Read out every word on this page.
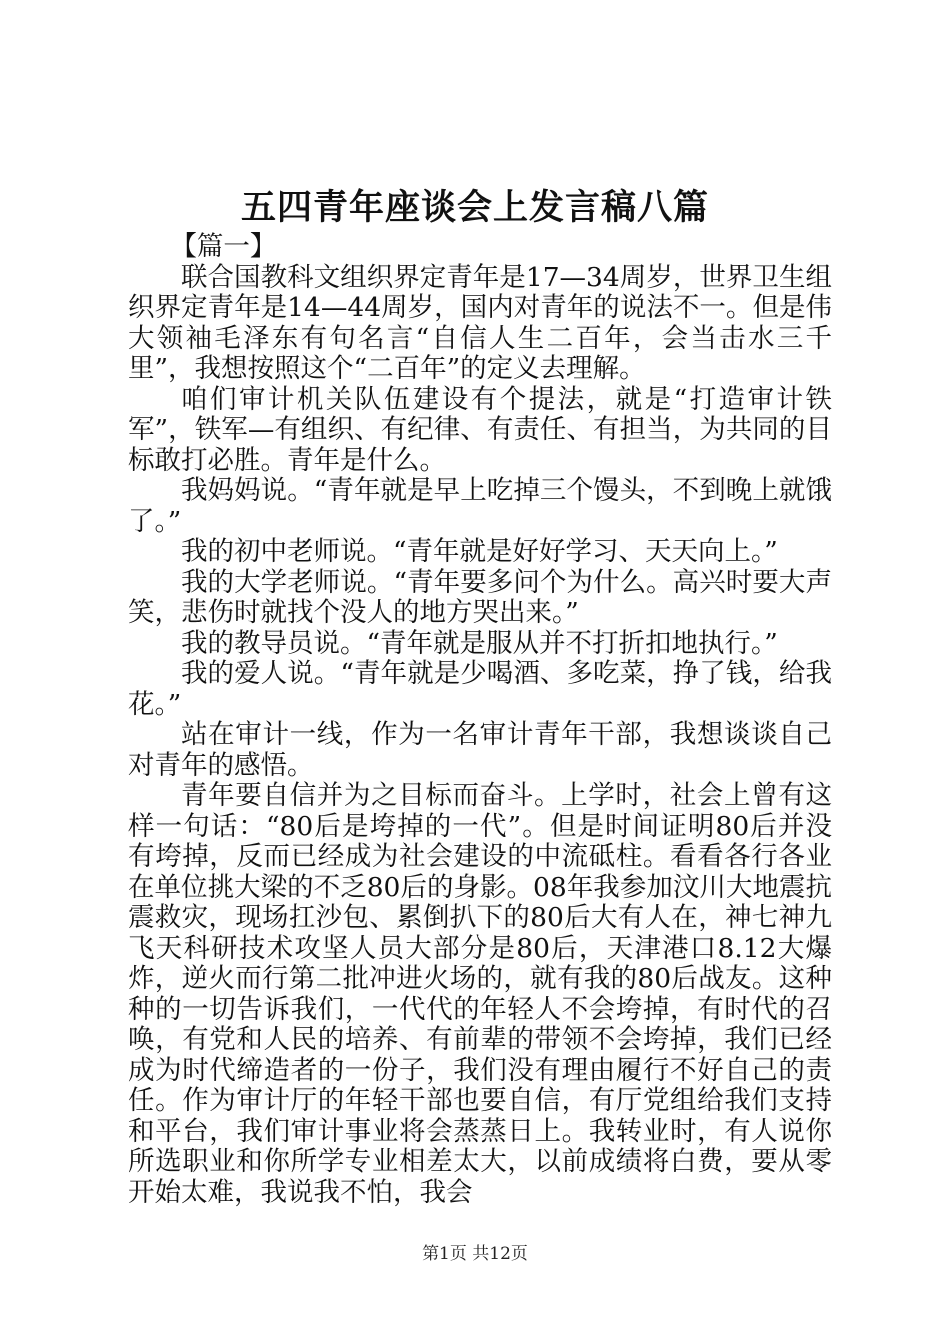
五四青年座谈会上发言稿八篇

【篇一】

联合国教科文组织界定青年是17—34周岁，世界卫生组织界定青年是14—44周岁，国内对青年的说法不一。但是伟大领袖毛泽东有句名言“自信人生二百年，会当击水三千里”，我想按照这个“二百年”的定义去理解。

咱们审计机关队伍建设有个提法，就是“打造审计铁军”，铁军—有组织、有纪律、有责任、有担当，为共同的目标敢打必胜。青年是什么。

我妈妈说。“青年就是早上吃掉三个馒头，不到晚上就饿了。”

我的初中老师说。“青年就是好好学习、天天向上。”

我的大学老师说。“青年要多问个为什么。高兴时要大声笑，悲伤时就找个没人的地方哭出来。”

我的教导员说。“青年就是服从并不打折扣地执行。”

我的爱人说。“青年就是少喝酒、多吃菜，挣了钱，给我花。”

站在审计一线，作为一名审计青年干部，我想谈谈自己对青年的感悟。

青年要自信并为之目标而奋斗。上学时，社会上曾有这样一句话：“80后是垮掉的一代”。但是时间证明80后并没有垮掉，反而已经成为社会建设的中流砥柱。看看各行各业在单位挑大梁的不乏80后的身影。08年我参加汶川大地震抗震救灾，现场扛沙包、累倒扒下的80后大有人在，神七神九飞天科研技术攻坚人员大部分是80后，天津港口8.12大爆炸，逆火而行第二批冲进火场的，就有我的80后战友。这种种的一切告诉我们，一代代的年轻人不会垮掉，有时代的召唤，有党和人民的培养、有前辈的带领不会垮掉，我们已经成为时代缔造者的一份子，我们没有理由履行不好自己的责任。作为审计厅的年轻干部也要自信，有厅党组给我们支持和平台，我们审计事业将会蒸蒸日上。我转业时，有人说你所选职业和你所学专业相差太大，以前成绩将白费，要从零开始太难，我说我不怕，我会

第1页 共12页
